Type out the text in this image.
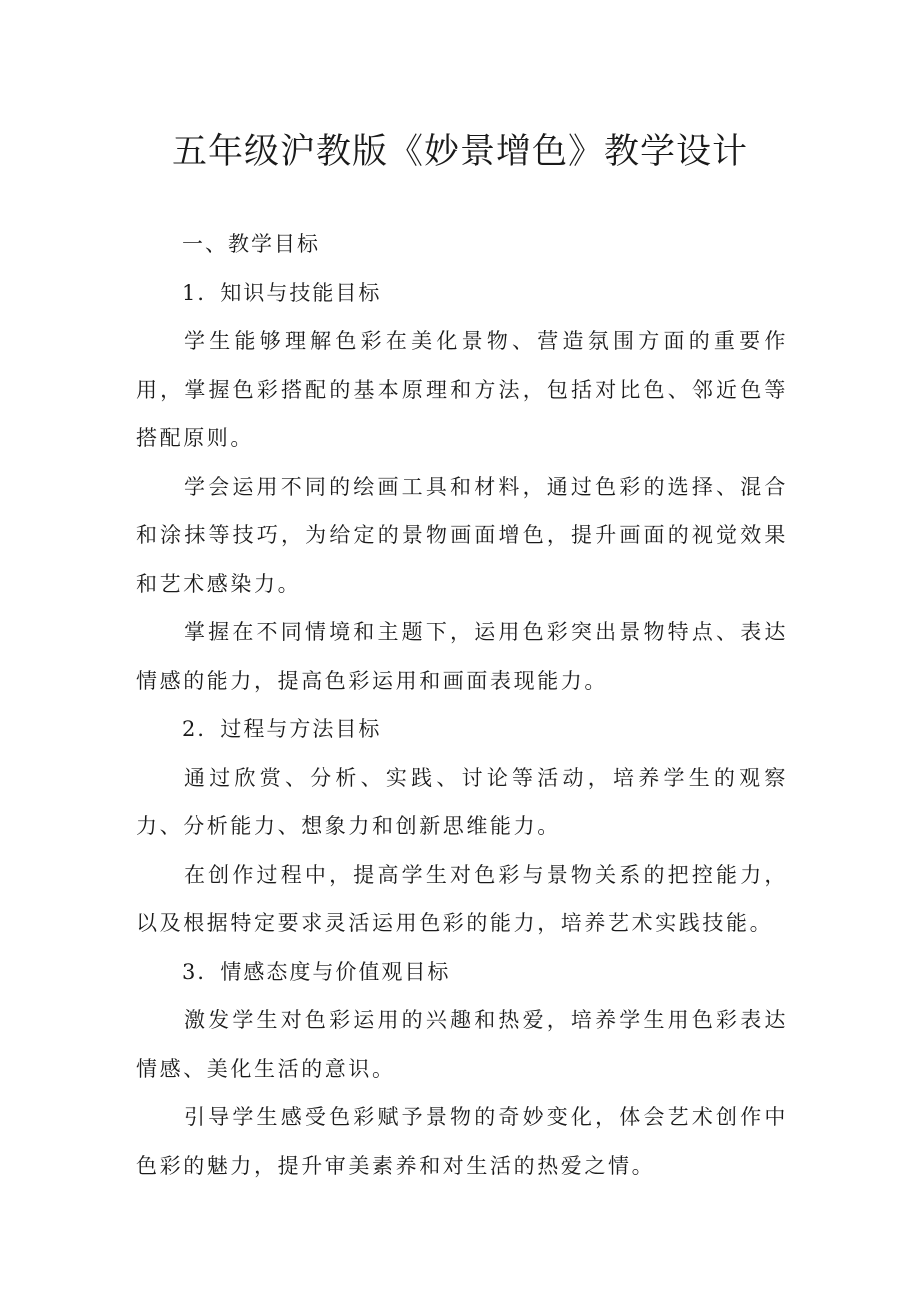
五年级沪教版《妙景增色》教学设计

一、教学目标

1．知识与技能目标

学生能够理解色彩在美化景物、营造氛围方面的重要作用，掌握色彩搭配的基本原理和方法，包括对比色、邻近色等搭配原则。

学会运用不同的绘画工具和材料，通过色彩的选择、混合和涂抹等技巧，为给定的景物画面增色，提升画面的视觉效果和艺术感染力。

掌握在不同情境和主题下，运用色彩突出景物特点、表达情感的能力，提高色彩运用和画面表现能力。

2．过程与方法目标

通过欣赏、分析、实践、讨论等活动，培养学生的观察力、分析能力、想象力和创新思维能力。

在创作过程中，提高学生对色彩与景物关系的把控能力，以及根据特定要求灵活运用色彩的能力，培养艺术实践技能。

3．情感态度与价值观目标

激发学生对色彩运用的兴趣和热爱，培养学生用色彩表达情感、美化生活的意识。

引导学生感受色彩赋予景物的奇妙变化，体会艺术创作中色彩的魅力，提升审美素养和对生活的热爱之情。
